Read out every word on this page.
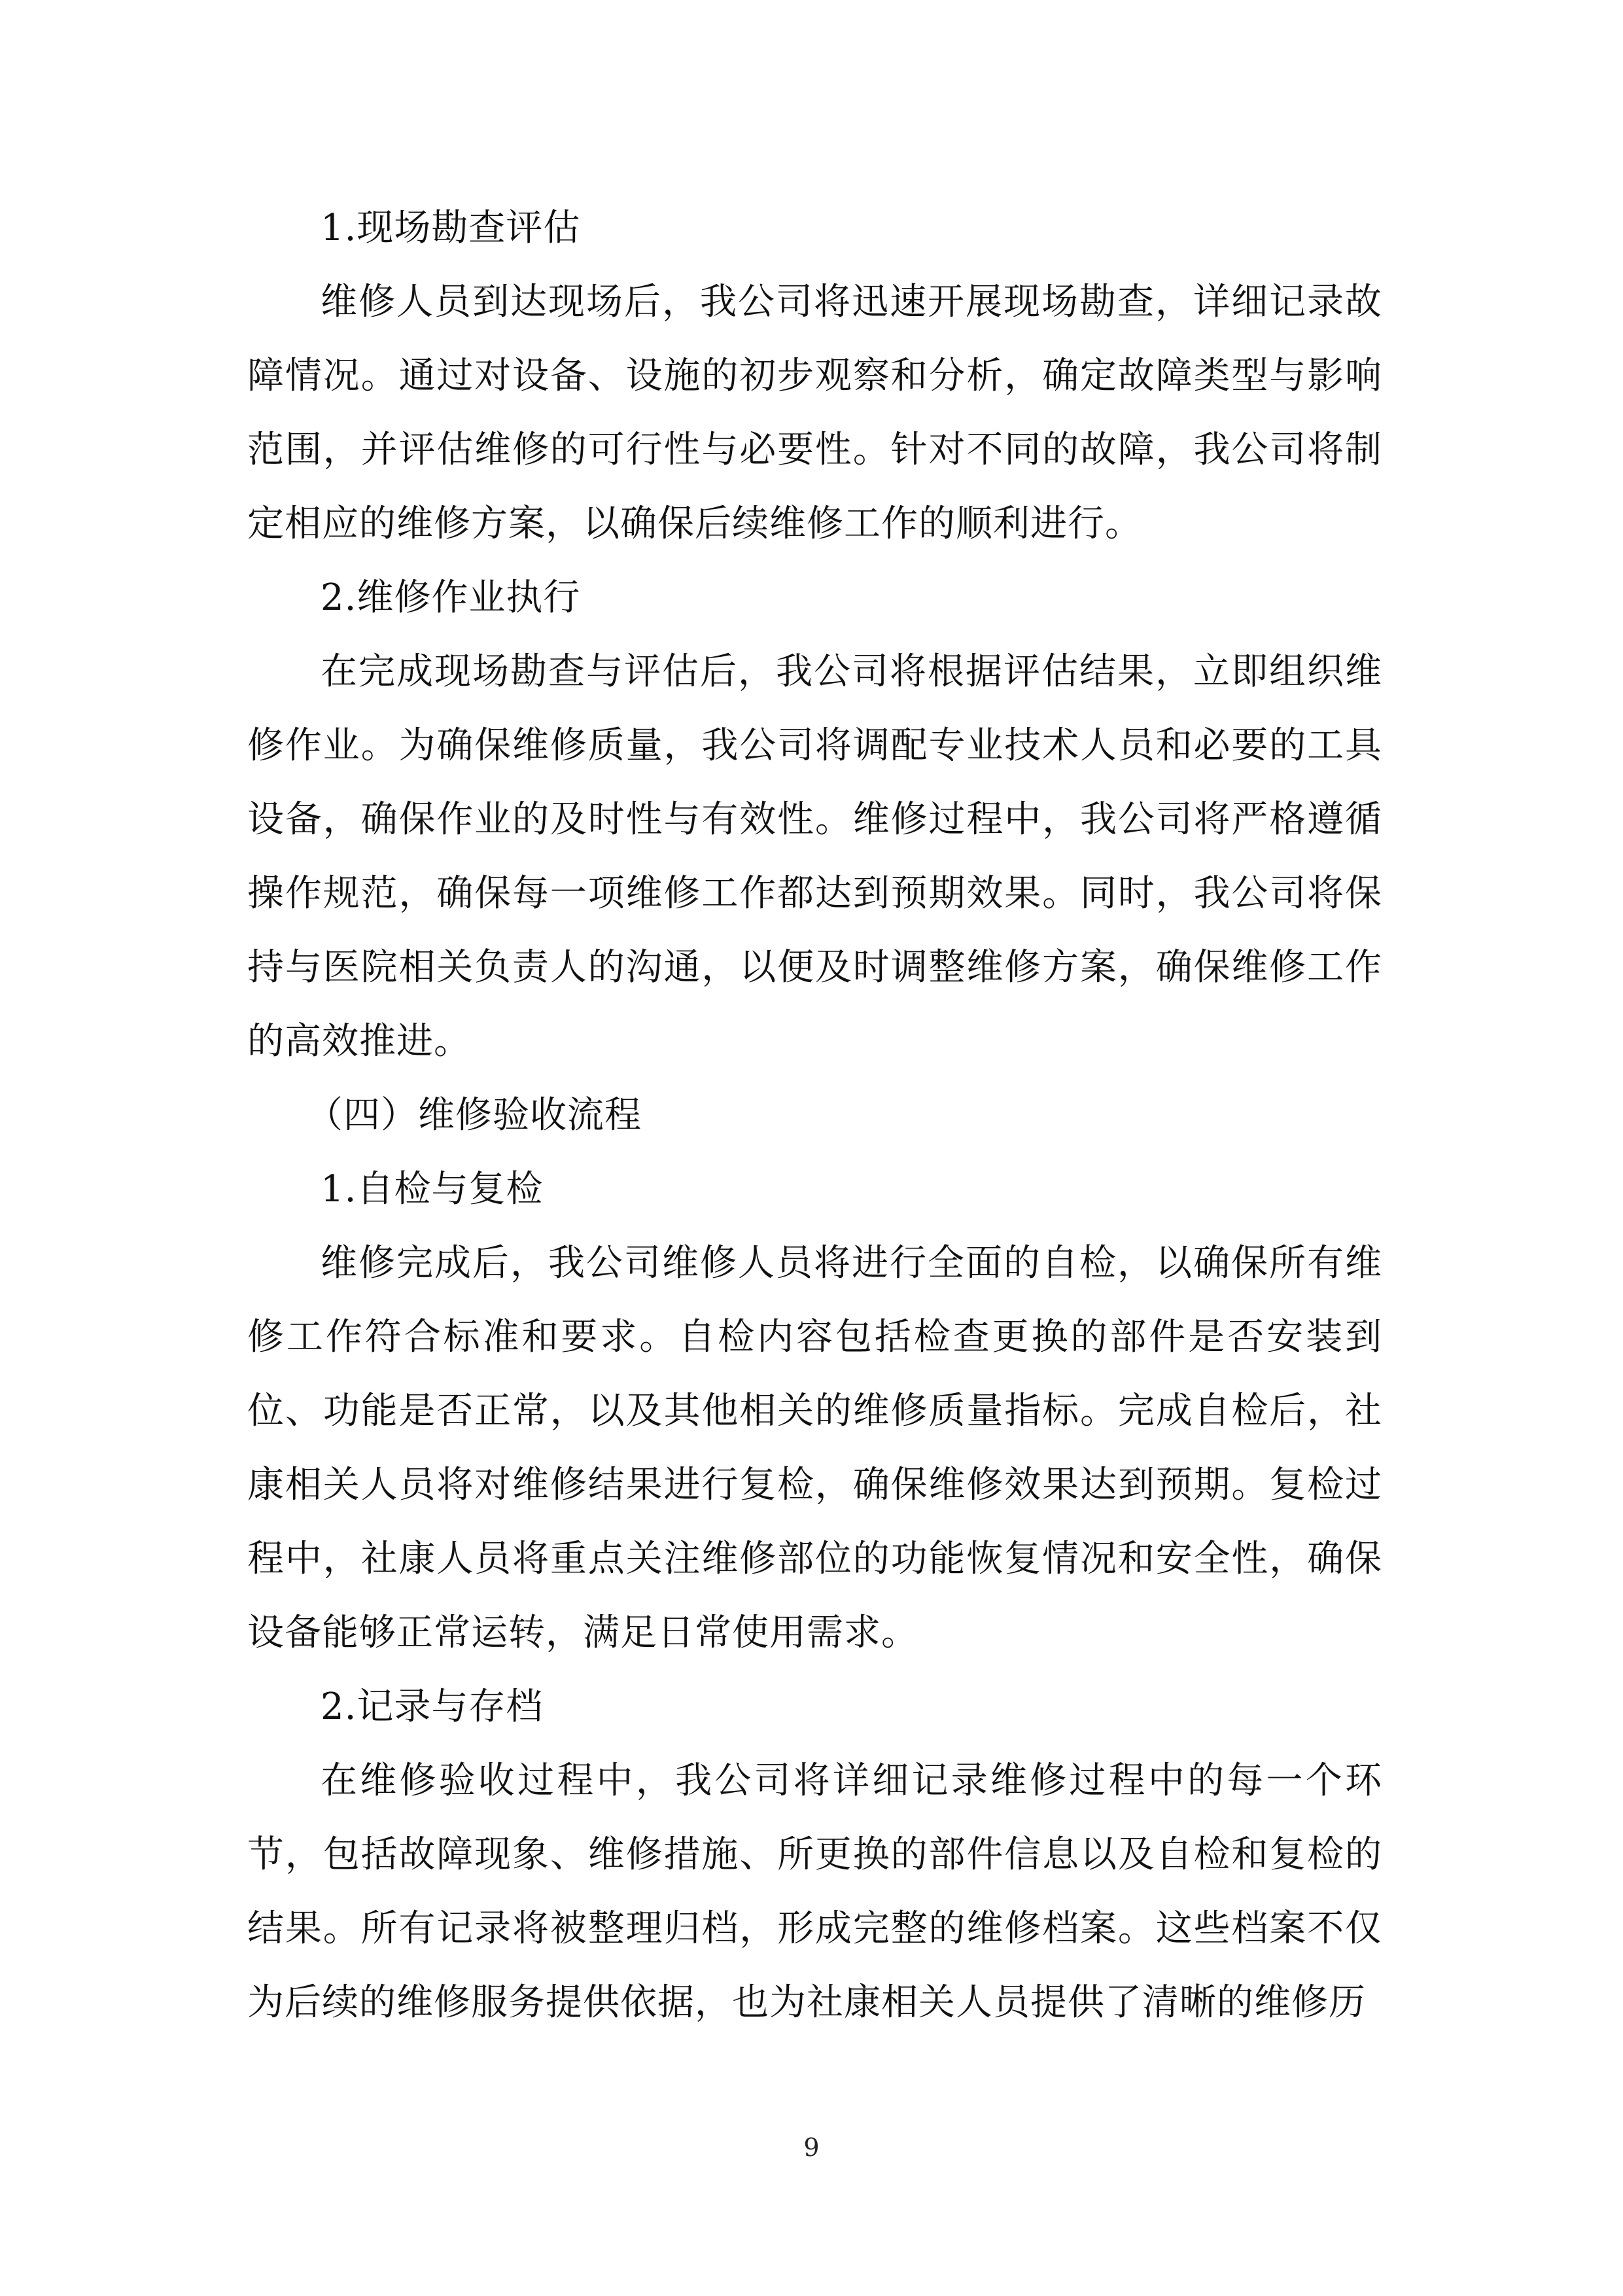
1.现场勘查评估

维修人员到达现场后，我公司将迅速开展现场勘查，详细记录故障情况。通过对设备、设施的初步观察和分析，确定故障类型与影响范围，并评估维修的可行性与必要性。针对不同的故障，我公司将制定相应的维修方案，以确保后续维修工作的顺利进行。

2.维修作业执行

在完成现场勘查与评估后，我公司将根据评估结果，立即组织维修作业。为确保维修质量，我公司将调配专业技术人员和必要的工具设备，确保作业的及时性与有效性。维修过程中，我公司将严格遵循操作规范，确保每一项维修工作都达到预期效果。同时，我公司将保持与医院相关负责人的沟通，以便及时调整维修方案，确保维修工作的高效推进。

（四）维修验收流程

1.自检与复检

维修完成后，我公司维修人员将进行全面的自检，以确保所有维修工作符合标准和要求。自检内容包括检查更换的部件是否安装到位、功能是否正常，以及其他相关的维修质量指标。完成自检后，社康相关人员将对维修结果进行复检，确保维修效果达到预期。复检过程中，社康人员将重点关注维修部位的功能恢复情况和安全性，确保设备能够正常运转，满足日常使用需求。

2.记录与存档

在维修验收过程中，我公司将详细记录维修过程中的每一个环节，包括故障现象、维修措施、所更换的部件信息以及自检和复检的结果。所有记录将被整理归档，形成完整的维修档案。这些档案不仅为后续的维修服务提供依据，也为社康相关人员提供了清晰的维修历

9
